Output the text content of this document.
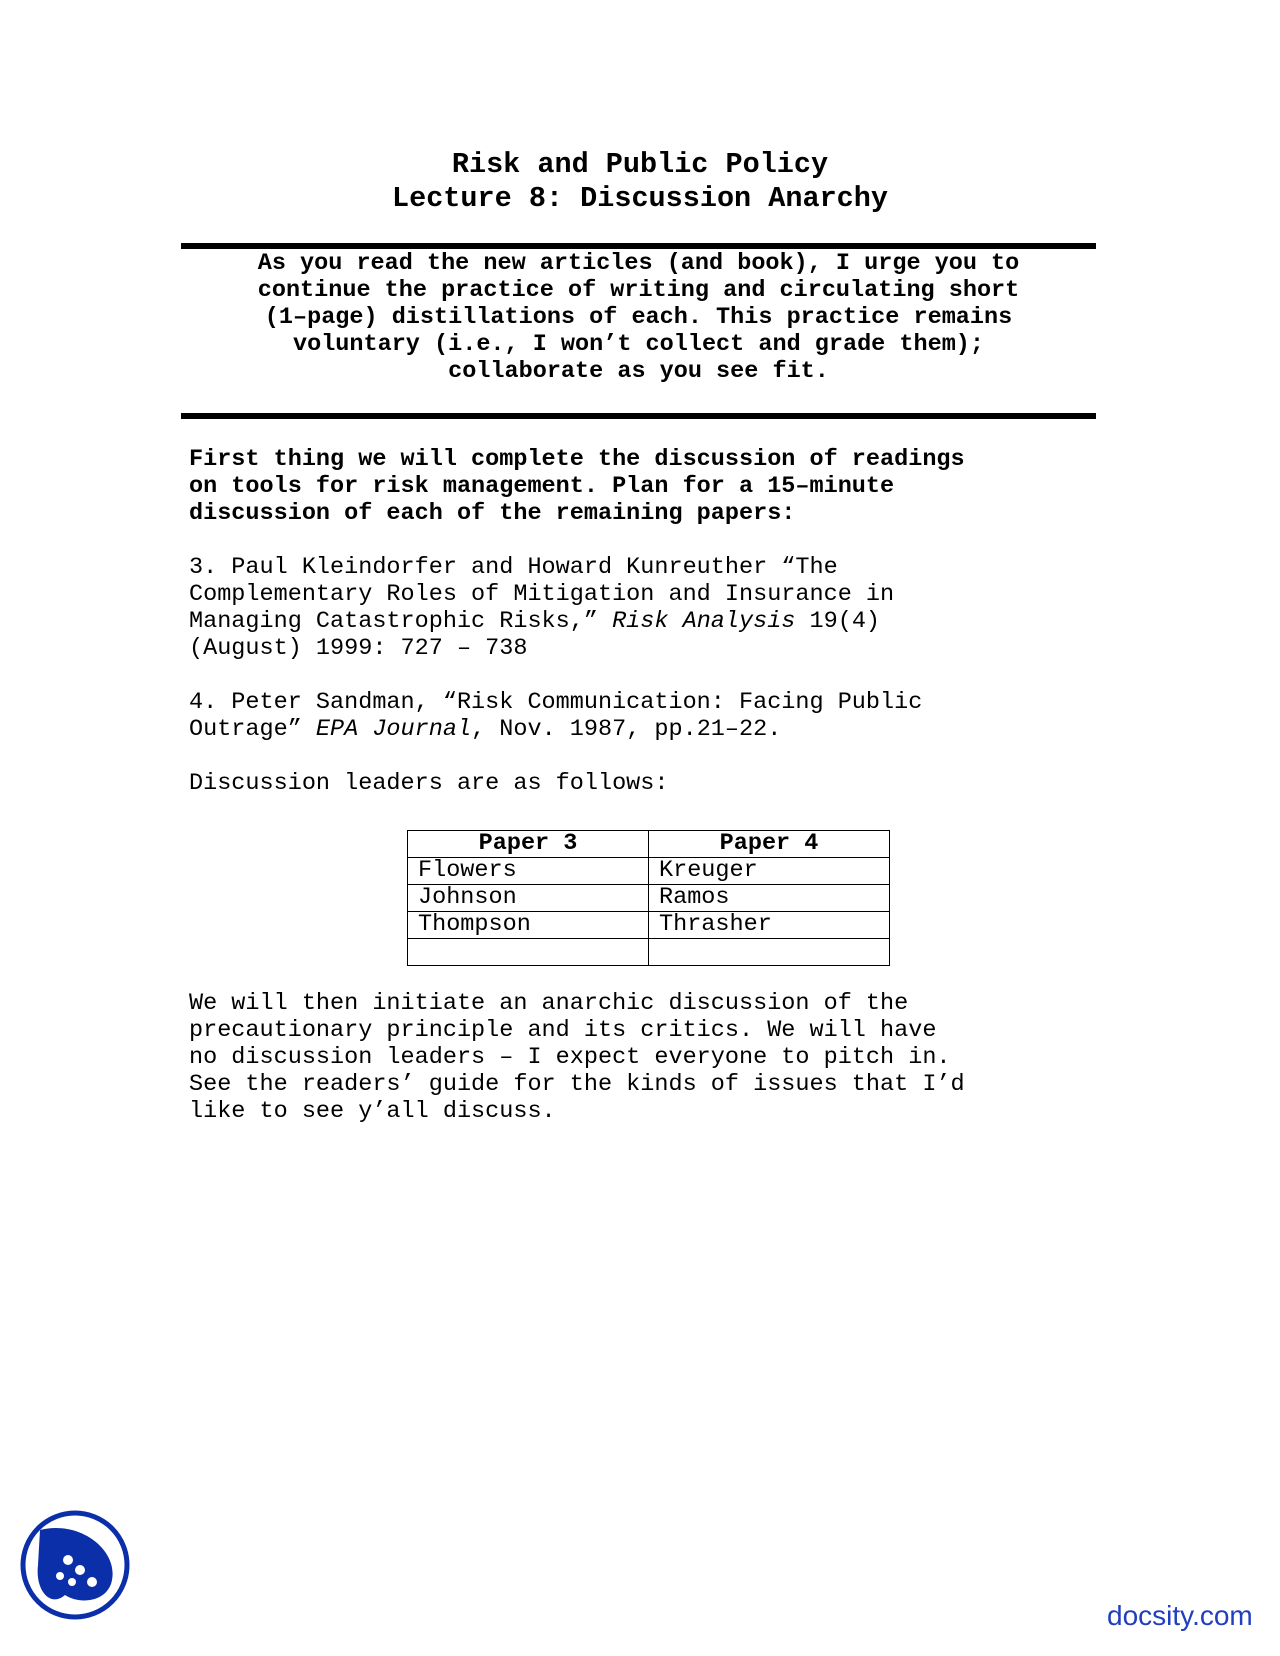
Risk and Public Policy
Lecture 8: Discussion Anarchy
As you read the new articles (and book), I urge you to
continue the practice of writing and circulating short
(1–page) distillations of each. This practice remains
voluntary (i.e., I won’t collect and grade them);
collaborate as you see fit.
First thing we will complete the discussion of readings
on tools for risk management. Plan for a 15–minute
discussion of each of the remaining papers:
3. Paul Kleindorfer and Howard Kunreuther “The
Complementary Roles of Mitigation and Insurance in
Managing Catastrophic Risks,” Risk Analysis 19(4)
(August) 1999: 727 – 738
4. Peter Sandman, “Risk Communication: Facing Public
Outrage” EPA Journal, Nov. 1987, pp.21–22.
Discussion leaders are as follows:
Paper 3	Paper 4
Flowers	Kreuger
Johnson	Ramos
Thompson	Thrasher

We will then initiate an anarchic discussion of the
precautionary principle and its critics. We will have
no discussion leaders – I expect everyone to pitch in.
See the readers’ guide for the kinds of issues that I’d
like to see y’all discuss.
docsity.com
